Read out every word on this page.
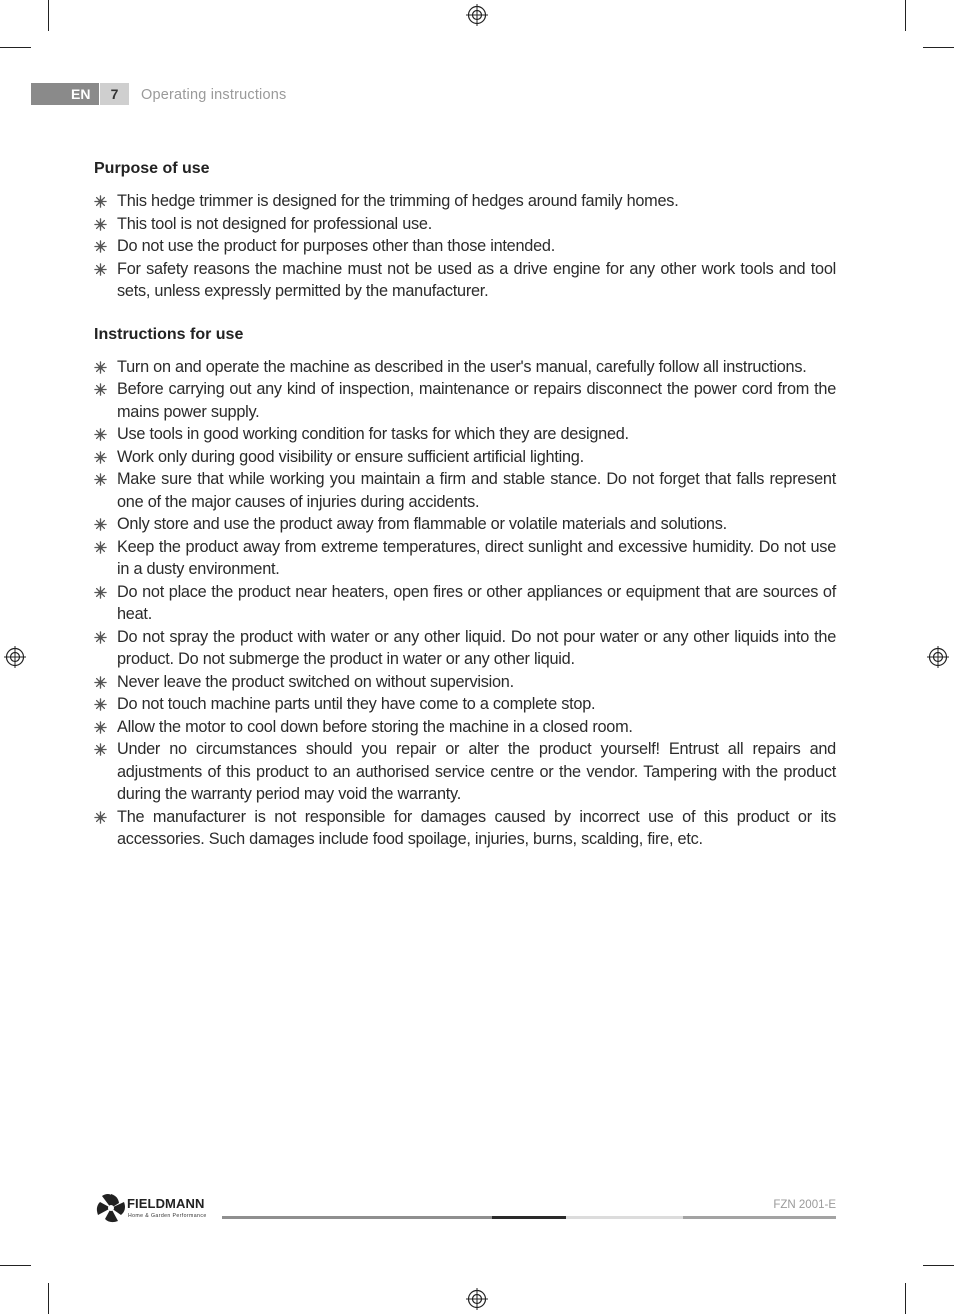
EN	7	Operating instructions
Purpose of use
This hedge trimmer is designed for the trimming of hedges around family homes.
This tool is not designed for professional use.
Do not use the product for purposes other than those intended.
For safety reasons the machine must not be used as a drive engine for any other work tools and tool sets, unless expressly permitted by the manufacturer.
Instructions for use
Turn on and operate the machine as described in the user's manual, carefully follow all instructions.
Before carrying out any kind of inspection, maintenance or repairs disconnect the power cord from the mains power supply.
Use tools in good working condition for tasks for which they are designed.
Work only during good visibility or ensure sufficient artificial lighting.
Make sure that while working you maintain a firm and stable stance. Do not forget that falls represent one of the major causes of injuries during accidents.
Only store and use the product away from flammable or volatile materials and solutions.
Keep the product away from extreme temperatures, direct sunlight and excessive humidity. Do not use in a dusty environment.
Do not place the product near heaters, open fires or other appliances or equipment that are sources of heat.
Do not spray the product with water or any other liquid. Do not pour water or any other liquids into the product. Do not submerge the product in water or any other liquid.
Never leave the product switched on without supervision.
Do not touch machine parts until they have come to a complete stop.
Allow the motor to cool down before storing the machine in a closed room.
Under no circumstances should you repair or alter the product yourself! Entrust all repairs and adjustments of this product to an authorised service centre or the vendor. Tampering with the product during the warranty period may void the warranty.
The manufacturer is not responsible for damages caused by incorrect use of this product or its accessories. Such damages include food spoilage, injuries, burns, scalding, fire, etc.
FIELDMANN
Home & Garden Performance
FZN 2001-E
